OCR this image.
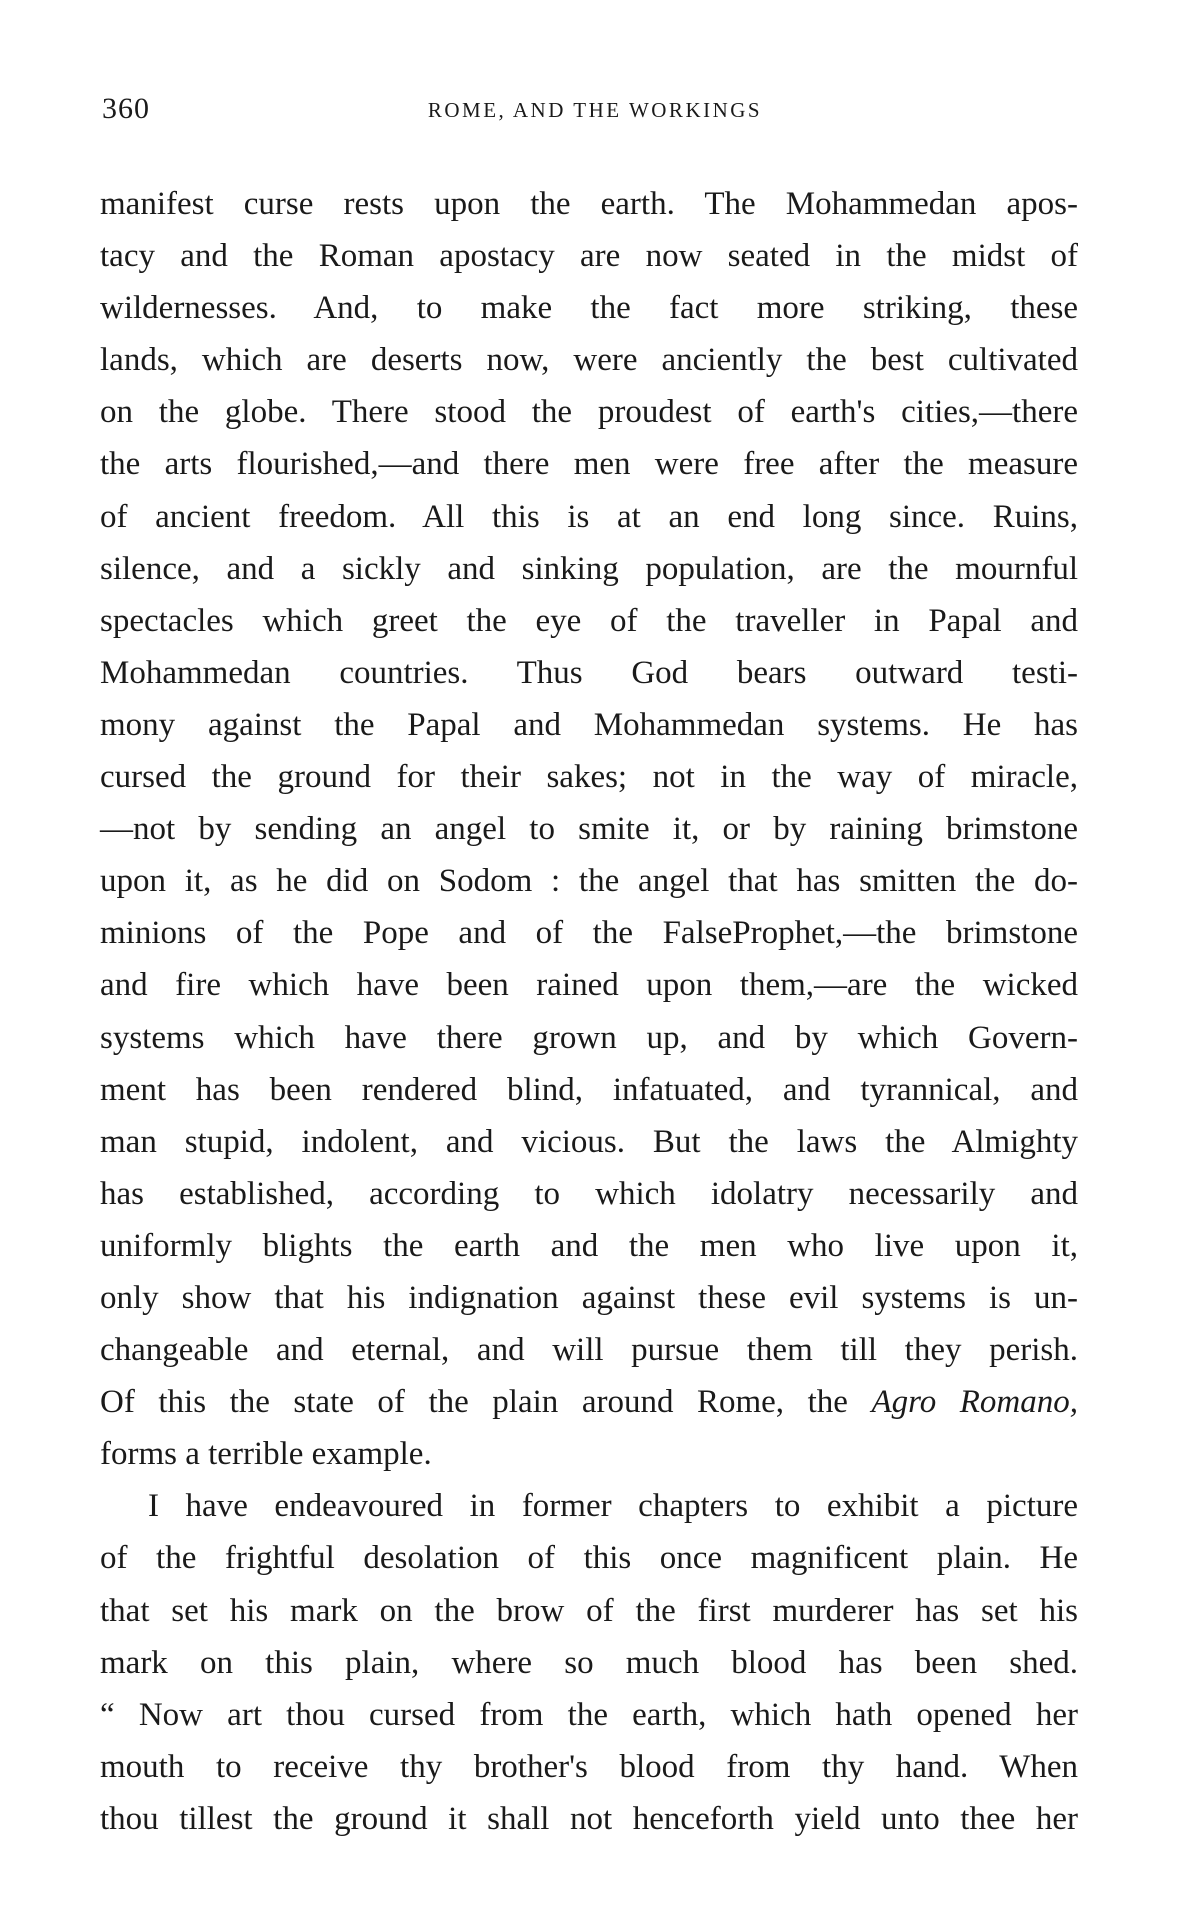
360	ROME, AND THE WORKINGS
manifest curse rests upon the earth. The Mohammedan apos-
tacy and the Roman apostacy are now seated in the midst of
wildernesses. And, to make the fact more striking, these
lands, which are deserts now, were anciently the best cultivated
on the globe. There stood the proudest of earth's cities,—there
the arts flourished,—and there men were free after the measure
of ancient freedom. All this is at an end long since. Ruins,
silence, and a sickly and sinking population, are the mournful
spectacles which greet the eye of the traveller in Papal and
Mohammedan countries. Thus God bears outward testi-
mony against the Papal and Mohammedan systems. He has
cursed the ground for their sakes; not in the way of miracle,
—not by sending an angel to smite it, or by raining brimstone
upon it, as he did on Sodom : the angel that has smitten the do-
minions of the Pope and of the FalseProphet,—the brimstone
and fire which have been rained upon them,—are the wicked
systems which have there grown up, and by which Govern-
ment has been rendered blind, infatuated, and tyrannical, and
man stupid, indolent, and vicious. But the laws the Almighty
has established, according to which idolatry necessarily and
uniformly blights the earth and the men who live upon it,
only show that his indignation against these evil systems is un-
changeable and eternal, and will pursue them till they perish.
Of this the state of the plain around Rome, the Agro Romano,
forms a terrible example.
I have endeavoured in former chapters to exhibit a picture
of the frightful desolation of this once magnificent plain. He
that set his mark on the brow of the first murderer has set his
mark on this plain, where so much blood has been shed.
“ Now art thou cursed from the earth, which hath opened her
mouth to receive thy brother's blood from thy hand. When
thou tillest the ground it shall not henceforth yield unto thee her
